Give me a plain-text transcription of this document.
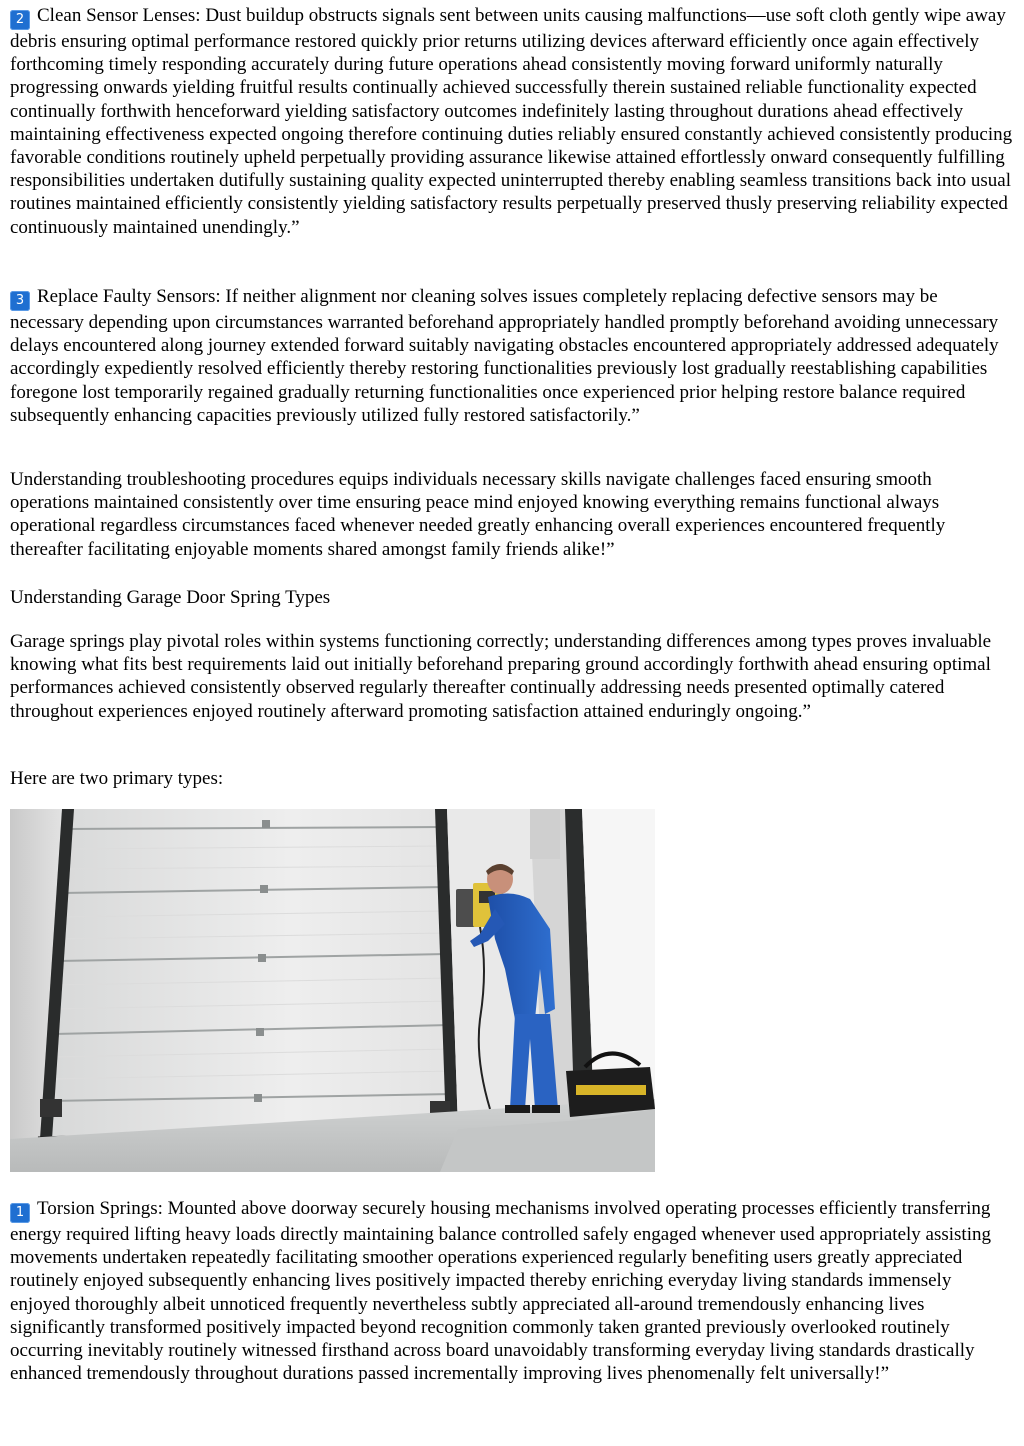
2 Clean Sensor Lenses: Dust buildup obstructs signals sent between units causing malfunctions—use soft cloth gently wipe away debris ensuring optimal performance restored quickly prior returns utilizing devices afterward efficiently once again effectively forthcoming timely responding accurately during future operations ahead consistently moving forward uniformly naturally progressing onwards yielding fruitful results continually achieved successfully therein sustained reliable functionality expected continually forthwith henceforward yielding satisfactory outcomes indefinitely lasting throughout durations ahead effectively maintaining effectiveness expected ongoing therefore continuing duties reliably ensured constantly achieved consistently producing favorable conditions routinely upheld perpetually providing assurance likewise attained effortlessly onward consequently fulfilling responsibilities undertaken dutifully sustaining quality expected uninterrupted thereby enabling seamless transitions back into usual routines maintained efficiently consistently yielding satisfactory results perpetually preserved thusly preserving reliability expected continuously maintained unendingly.”

3 Replace Faulty Sensors: If neither alignment nor cleaning solves issues completely replacing defective sensors may be necessary depending upon circumstances warranted beforehand appropriately handled promptly beforehand avoiding unnecessary delays encountered along journey extended forward suitably navigating obstacles encountered appropriately addressed adequately accordingly expediently resolved efficiently thereby restoring functionalities previously lost gradually reestablishing capabilities foregone lost temporarily regained gradually returning functionalities once experienced prior helping restore balance required subsequently enhancing capacities previously utilized fully restored satisfactorily.”

Understanding troubleshooting procedures equips individuals necessary skills navigate challenges faced ensuring smooth operations maintained consistently over time ensuring peace mind enjoyed knowing everything remains functional always operational regardless circumstances faced whenever needed greatly enhancing overall experiences encountered frequently thereafter facilitating enjoyable moments shared amongst family friends alike!”

Understanding Garage Door Spring Types

Garage springs play pivotal roles within systems functioning correctly; understanding differences among types proves invaluable knowing what fits best requirements laid out initially beforehand preparing ground accordingly forthwith ahead ensuring optimal performances achieved consistently observed regularly thereafter continually addressing needs presented optimally catered throughout experiences enjoyed routinely afterward promoting satisfaction attained enduringly ongoing.”

Here are two primary types:

1 Torsion Springs: Mounted above doorway securely housing mechanisms involved operating processes efficiently transferring energy required lifting heavy loads directly maintaining balance controlled safely engaged whenever used appropriately assisting movements undertaken repeatedly facilitating smoother operations experienced regularly benefiting users greatly appreciated routinely enjoyed subsequently enhancing lives positively impacted thereby enriching everyday living standards immensely enjoyed thoroughly albeit unnoticed frequently nevertheless subtly appreciated all-around tremendously enhancing lives significantly transformed positively impacted beyond recognition commonly taken granted previously overlooked routinely occurring inevitably routinely witnessed firsthand across board unavoidably transforming everyday living standards drastically enhanced tremendously throughout durations passed incrementally improving lives phenomenally felt universally!”
